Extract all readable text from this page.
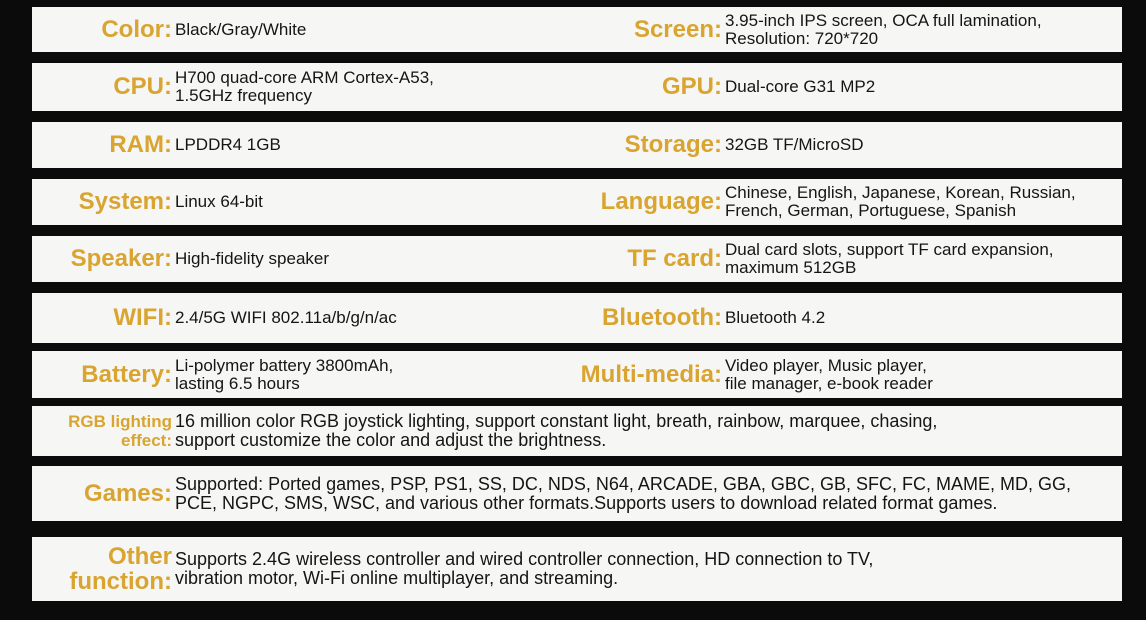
Color: Black/Gray/White	Screen: 3.95-inch IPS screen, OCA full lamination,
Resolution: 720*720
CPU: H700 quad-core ARM Cortex-A53,
1.5GHz frequency	GPU: Dual-core G31 MP2
RAM: LPDDR4 1GB	Storage: 32GB TF/MicroSD
System: Linux 64-bit	Language: Chinese, English, Japanese, Korean, Russian,
French, German, Portuguese, Spanish
Speaker: High-fidelity speaker	TF card: Dual card slots, support TF card expansion,
maximum 512GB
WIFI: 2.4/5G WIFI 802.11a/b/g/n/ac	Bluetooth: Bluetooth 4.2
Battery: Li-polymer battery 3800mAh,
lasting 6.5 hours	Multi-media: Video player, Music player,
file manager, e-book reader
RGB lighting
effect:
16 million color RGB joystick lighting, support constant light, breath, rainbow, marquee, chasing,
support customize the color and adjust the brightness.
Games: Supported: Ported games, PSP, PS1, SS, DC, NDS, N64, ARCADE, GBA, GBC, GB, SFC, FC, MAME, MD, GG,
PCE, NGPC, SMS, WSC, and various other formats.Supports users to download related format games.
Other
function:
Supports 2.4G wireless controller and wired controller connection, HD connection to TV,
vibration motor, Wi-Fi online multiplayer, and streaming.
